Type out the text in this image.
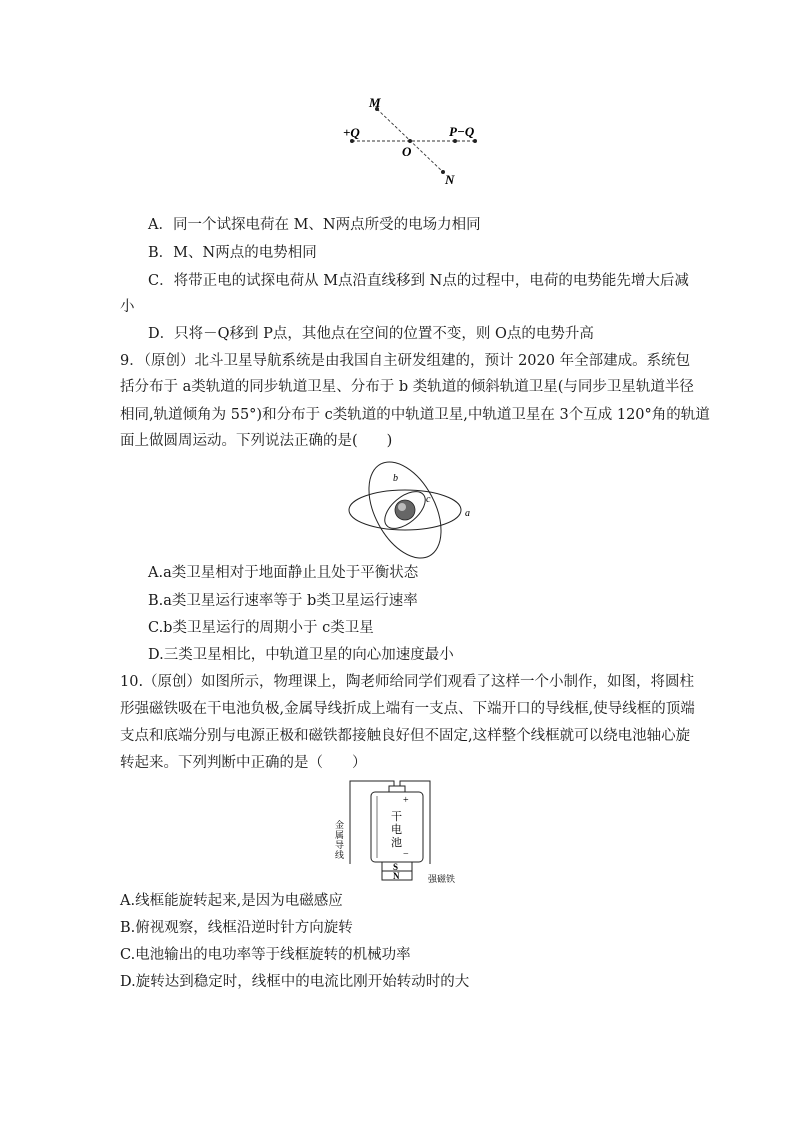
M
+Q
O
P−Q
N
A．同一个试探电荷在 M、N两点所受的电场力相同
B．M、N两点的电势相同
C．将带正电的试探电荷从 M点沿直线移到 N点的过程中，电荷的电势能先增大后减
小
D．只将－Q移到 P点，其他点在空间的位置不变，则 O点的电势升高
9．（原创）北斗卫星导航系统是由我国自主研发组建的，预计 2020 年全部建成。系统包
括分布于 a类轨道的同步轨道卫星、分布于 b 类轨道的倾斜轨道卫星(与同步卫星轨道半径
相同,轨道倾角为 55°)和分布于 c类轨道的中轨道卫星,中轨道卫星在 3个互成 120°角的轨道
面上做圆周运动。下列说法正确的是(　　)
b
c
a
A.a类卫星相对于地面静止且处于平衡状态
B.a类卫星运行速率等于 b类卫星运行速率
C.b类卫星运行的周期小于 c类卫星
D.三类卫星相比，中轨道卫星的向心加速度最小
10.（原创）如图所示，物理课上，陶老师给同学们观看了这样一个小制作，如图，将圆柱
形强磁铁吸在干电池负极,金属导线折成上端有一支点、下端开口的导线框,使导线框的顶端
支点和底端分别与电源正极和磁铁都接触良好但不固定,这样整个线框就可以绕电池轴心旋
转起来。下列判断中正确的是（　　）
+
干
电
池
−
S
N
金
属
导
线
强磁铁
A.线框能旋转起来,是因为电磁感应
B.俯视观察，线框沿逆时针方向旋转
C.电池输出的电功率等于线框旋转的机械功率
D.旋转达到稳定时，线框中的电流比刚开始转动时的大
